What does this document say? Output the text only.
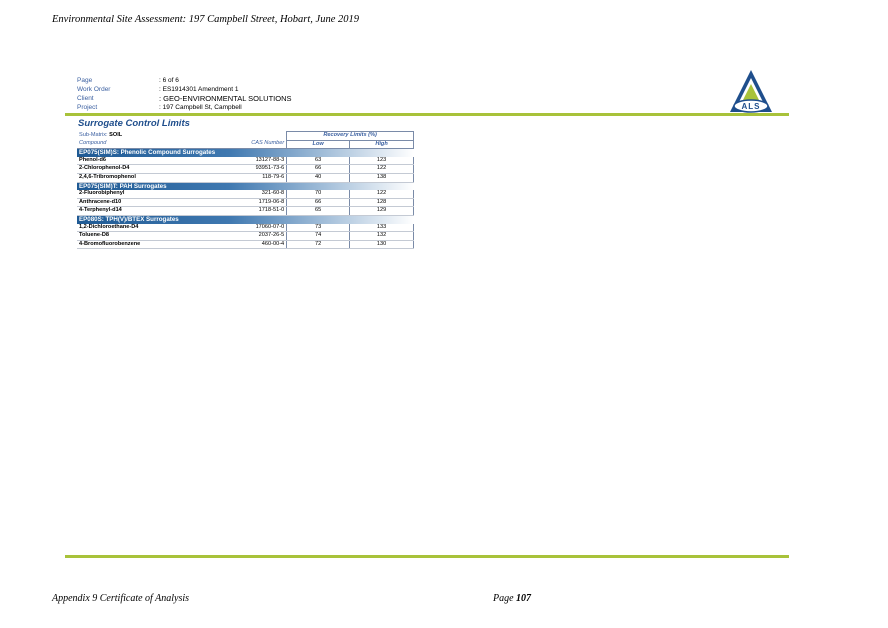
Environmental Site Assessment: 197 Campbell Street, Hobart, June 2019
Page	: 6 of 6
Work Order	: ES1914301 Amendment 1
Client	: GEO-ENVIRONMENTAL SOLUTIONS
Project	: 197 Campbell St, Campbell	ALS
Surrogate Control Limits
Sub-Matrix: SOIL		Recovery Limits (%)	
Compound	CAS Number	Low	High
EP075(SIM)S: Phenolic Compound Surrogates			
Phenol-d6	13127-88-3	63	123
2-Chlorophenol-D4	93951-73-6	66	122
2,4,6-Tribromophenol	118-79-6	40	138
EP075(SIM)T: PAH Surrogates			
2-Fluorobiphenyl	321-60-8	70	122
Anthracene-d10	1719-06-8	66	128
4-Terphenyl-d14	1718-51-0	65	129
EP080S: TPH(V)/BTEX Surrogates			
1,2-Dichloroethane-D4	17060-07-0	73	133
Toluene-D8	2037-26-5	74	132
4-Bromofluorobenzene	460-00-4	72	130
Appendix 9 Certificate of Analysis	Page 107
